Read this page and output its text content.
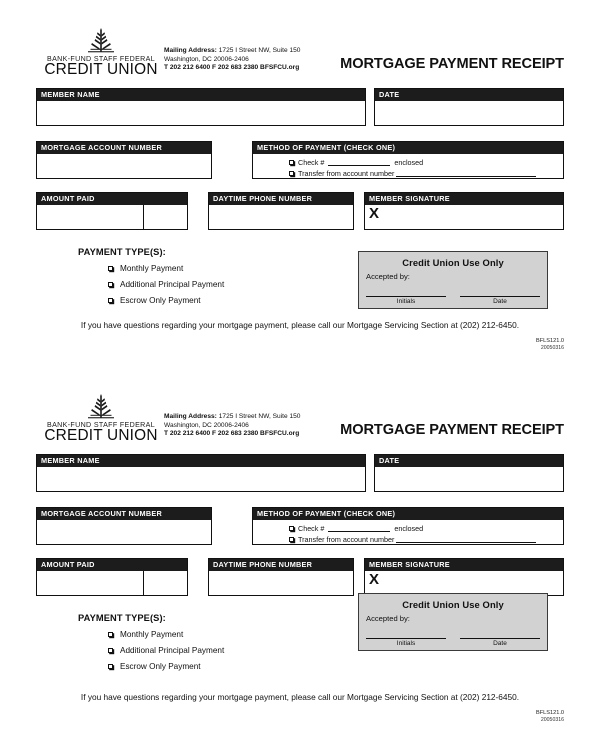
BANK-FUND STAFF FEDERAL
CREDIT UNION
Mailing Address: 1725 I Street NW, Suite 150
Washington, DC 20006-2406
T 202 212 6400 F 202 683 2380 BFSFCU.org	MORTGAGE PAYMENT RECEIPT
MEMBER NAME	DATE
MORTGAGE ACCOUNT NUMBER	METHOD OF PAYMENT (CHECK ONE)
Check #	enclosed
Transfer from account number
AMOUNT PAID	DAYTIME PHONE NUMBER	MEMBER SIGNATURE
X
PAYMENT TYPE(S):
Monthly Payment
Additional Principal Payment
Escrow Only Payment
Credit Union Use Only
Accepted by:
Initials	Date
If you have questions regarding your mortgage payment, please call our Mortgage Servicing Section at (202) 212-6450.
BFLS121.0
20050316
BANK-FUND STAFF FEDERAL
CREDIT UNION
Mailing Address: 1725 I Street NW, Suite 150
Washington, DC 20006-2406
T 202 212 6400 F 202 683 2380 BFSFCU.org	MORTGAGE PAYMENT RECEIPT
MEMBER NAME	DATE
MORTGAGE ACCOUNT NUMBER	METHOD OF PAYMENT (CHECK ONE)
Check #	enclosed
Transfer from account number
AMOUNT PAID	DAYTIME PHONE NUMBER	MEMBER SIGNATURE
X
PAYMENT TYPE(S):
Monthly Payment
Additional Principal Payment
Escrow Only Payment
Credit Union Use Only
Accepted by:
Initials	Date
If you have questions regarding your mortgage payment, please call our Mortgage Servicing Section at (202) 212-6450.
BFLS121.0
20050316
